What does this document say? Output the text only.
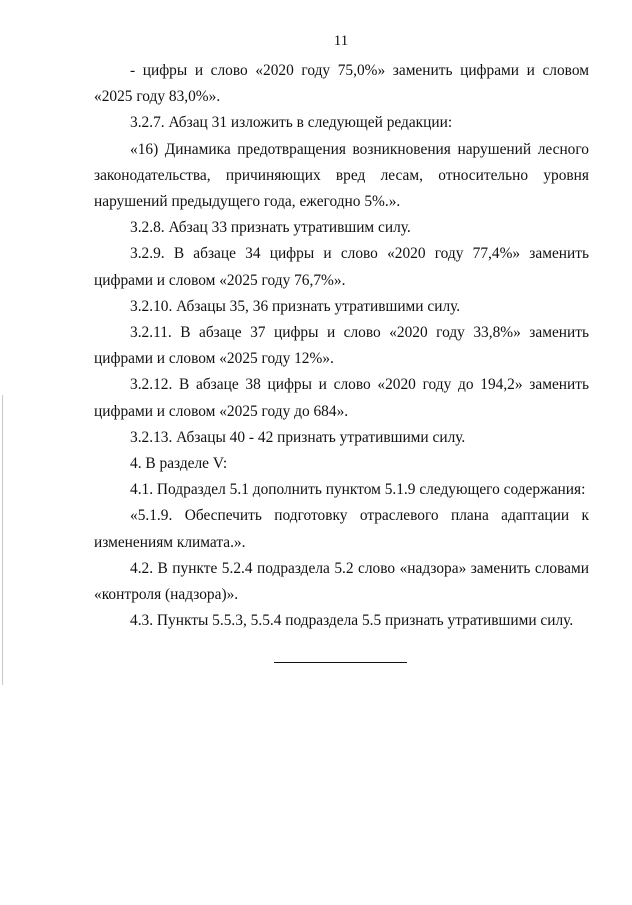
11

- цифры и слово «2020 году 75,0%» заменить цифрами и словом «2025 году 83,0%».

3.2.7. Абзац 31 изложить в следующей редакции:

«16) Динамика предотвращения возникновения нарушений лесного законодательства, причиняющих вред лесам, относительно уровня нарушений предыдущего года, ежегодно 5%.».

3.2.8. Абзац 33 признать утратившим силу.

3.2.9. В абзаце 34 цифры и слово «2020 году 77,4%» заменить цифрами и словом «2025 году 76,7%».

3.2.10. Абзацы 35, 36 признать утратившими силу.

3.2.11. В абзаце 37 цифры и слово «2020 году 33,8%» заменить цифрами и словом «2025 году 12%».

3.2.12. В абзаце 38 цифры и слово «2020 году до 194,2» заменить цифрами и словом «2025 году до 684».

3.2.13. Абзацы 40 - 42 признать утратившими силу.

4. В разделе V:

4.1. Подраздел 5.1 дополнить пунктом 5.1.9 следующего содержания:

«5.1.9. Обеспечить подготовку отраслевого плана адаптации к изменениям климата.».

4.2. В пункте 5.2.4 подраздела 5.2 слово «надзора» заменить словами «контроля (надзора)».

4.3. Пункты 5.5.3, 5.5.4 подраздела 5.5 признать утратившими силу.
